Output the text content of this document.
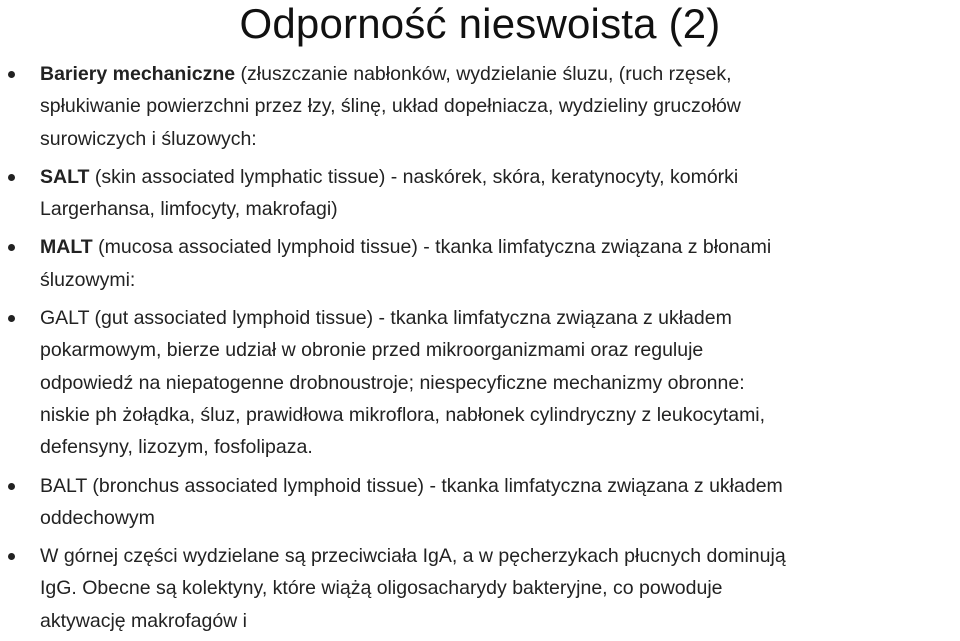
Odporność nieswoista (2)
Bariery mechaniczne (złuszczanie nabłonków, wydzielanie śluzu, (ruch rzęsek,
spłukiwanie powierzchni przez łzy, ślinę, układ dopełniacza, wydzieliny gruczołów
surowiczych i śluzowych:
SALT (skin associated lymphatic tissue) - naskórek, skóra, keratynocyty, komórki
Largerhansa, limfocyty, makrofagi)
MALT (mucosa associated lymphoid tissue) - tkanka limfatyczna związana z błonami
śluzowymi:
GALT (gut associated lymphoid tissue) - tkanka limfatyczna związana z układem
pokarmowym, bierze udział w obronie przed mikroorganizmami oraz reguluje
odpowiedź na niepatogenne drobnoustroje; niespecyficzne mechanizmy obronne:
niskie ph żołądka, śluz, prawidłowa mikroflora, nabłonek cylindryczny z leukocytami,
defensyny, lizozym, fosfolipaza.
BALT (bronchus associated lymphoid tissue) - tkanka limfatyczna związana z układem
oddechowym
W górnej części wydzielane są przeciwciała IgA, a w pęcherzykach płucnych dominują
IgG. Obecne są kolektyny, które wiążą oligosacharydy bakteryjne, co powoduje
aktywację makrofagów i
